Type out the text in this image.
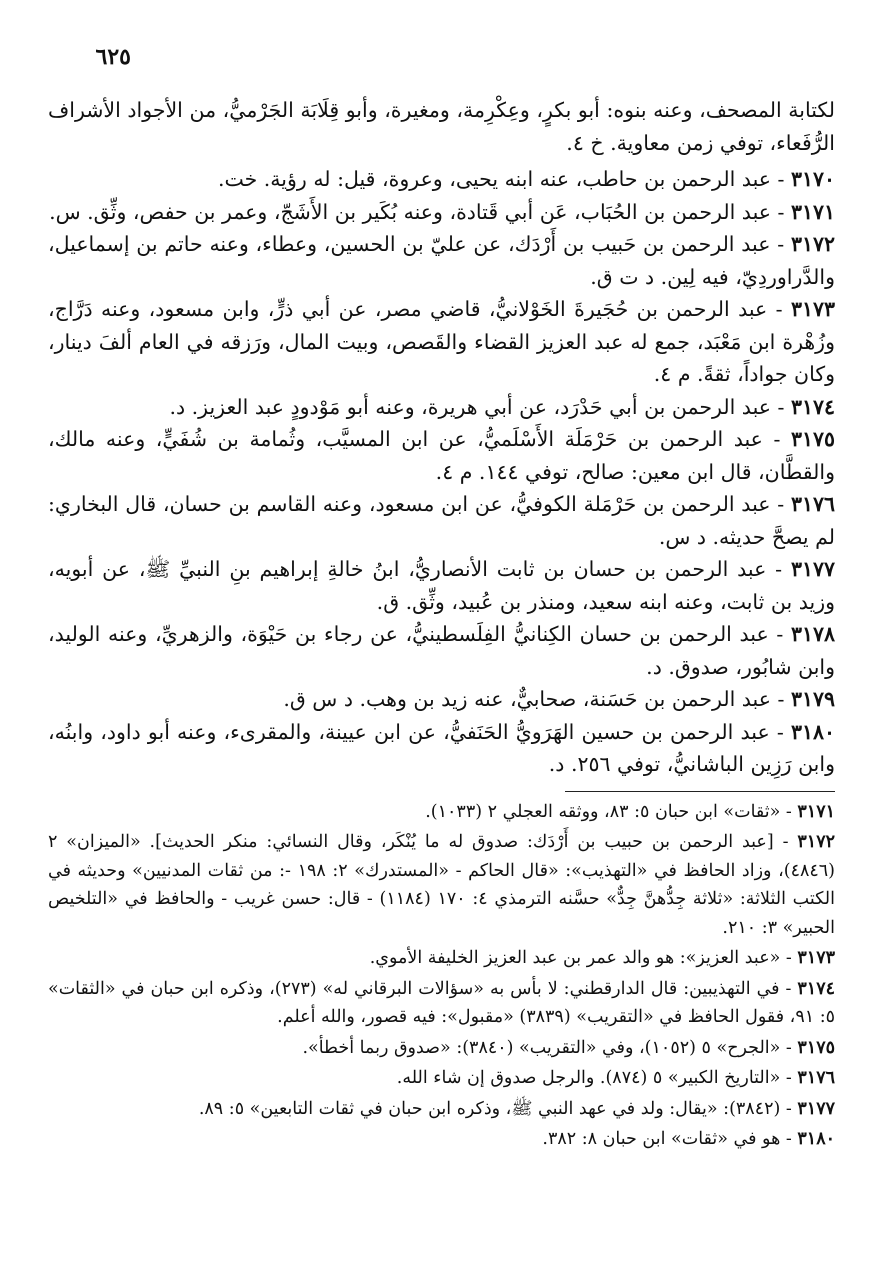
٦٢٥

لكتابة المصحف، وعنه بنوه: أبو بكرٍ، وعِكْرِمة، ومغيرة، وأبو قِلَابَة الجَرْميُّ، من الأجواد الأشراف الرُّفَعاء، توفي زمن معاوية. خ ٤.

٣١٧٠ - عبد الرحمن بن حاطب، عنه ابنه يحيى، وعروة، قيل: له رؤية. خت.

٣١٧١ - عبد الرحمن بن الحُبَاب، عَن أبي قَتادة، وعنه بُكَير بن الأَشَجّ، وعمر بن حفص، وثِّق. س.

٣١٧٢ - عبد الرحمن بن حَبيب بن أَرْدَك، عن عليّ بن الحسين، وعطاء، وعنه حاتم بن إسماعيل، والدَّراوردِيّ، فيه لِين. د ت ق.

٣١٧٣ - عبد الرحمن بن حُجَيرةَ الخَوْلانيُّ، قاضي مصر، عن أبي ذرٍّ، وابن مسعود، وعنه دَرَّاج، وزُهْرة ابن مَعْبَد، جمع له عبد العزيز القضاء والقَصص، وبيت المال، ورَزقه في العام ألفَ دينار، وكان جواداً، ثقةً. م ٤.

٣١٧٤ - عبد الرحمن بن أبي حَدْرَد، عن أبي هريرة، وعنه أبو مَوْدودٍ عبد العزيز. د.

٣١٧٥ - عبد الرحمن بن حَرْمَلَة الأَسْلَميُّ، عن ابن المسيَّب، وثُمامة بن شُفَيٍّ، وعنه مالك، والقطَّان، قال ابن معين: صالح، توفي ١٤٤. م ٤.

٣١٧٦ - عبد الرحمن بن حَرْمَلة الكوفيُّ، عن ابن مسعود، وعنه القاسم بن حسان، قال البخاري: لم يصحَّ حديثه. د س.

٣١٧٧ - عبد الرحمن بن حسان بن ثابت الأنصاريُّ، ابنُ خالةِ إبراهيم بنِ النبيِّ ﷺ، عن أبويه، وزيد بن ثابت، وعنه ابنه سعيد، ومنذر بن عُبيد، وثِّق. ق.

٣١٧٨ - عبد الرحمن بن حسان الكِنانيُّ الفِلَسطينيُّ، عن رجاء بن حَيْوَة، والزهريِّ، وعنه الوليد، وابن شابُور، صدوق. د.

٣١٧٩ - عبد الرحمن بن حَسَنة، صحابيٌّ، عنه زيد بن وهب. د س ق.

٣١٨٠ - عبد الرحمن بن حسين الهَرَويُّ الحَنَفيُّ، عن ابن عيينة، والمقرىء، وعنه أبو داود، وابنُه، وابن رَزِين الباشانيُّ، توفي ٢٥٦. د.

٣١٧١ - «ثقات» ابن حبان ٥: ٨٣، ووثقه العجلي ٢ (١٠٣٣).

٣١٧٢ - [عبد الرحمن بن حبيب بن أَرْدَك: صدوق له ما يُنْكَر، وقال النسائي: منكر الحديث]. «الميزان» ٢ (٤٨٤٦)، وزاد الحافظ في «التهذيب»: «قال الحاكم - «المستدرك» ٢: ١٩٨ -: من ثقات المدنيين» وحديثه في الكتب الثلاثة: «ثلاثة جِدُّهنَّ جِدٌّ» حسَّنه الترمذي ٤: ١٧٠ (١١٨٤) - قال: حسن غريب - والحافظ في «التلخيص الحبير» ٣: ٢١٠.

٣١٧٣ - «عبد العزيز»: هو والد عمر بن عبد العزيز الخليفة الأموي.

٣١٧٤ - في التهذيبين: قال الدارقطني: لا بأس به «سؤالات البرقاني له» (٢٧٣)، وذكره ابن حبان في «الثقات» ٥: ٩١، فقول الحافظ في «التقريب» (٣٨٣٩) «مقبول»: فيه قصور، والله أعلم.

٣١٧٥ - «الجرح» ٥ (١٠٥٢)، وفي «التقريب» (٣٨٤٠): «صدوق ربما أخطأ».

٣١٧٦ - «التاريخ الكبير» ٥ (٨٧٤). والرجل صدوق إن شاء الله.

٣١٧٧ - (٣٨٤٢): «يقال: ولد في عهد النبي ﷺ، وذكره ابن حبان في ثقات التابعين» ٥: ٨٩.

٣١٨٠ - هو في «ثقات» ابن حبان ٨: ٣٨٢.
